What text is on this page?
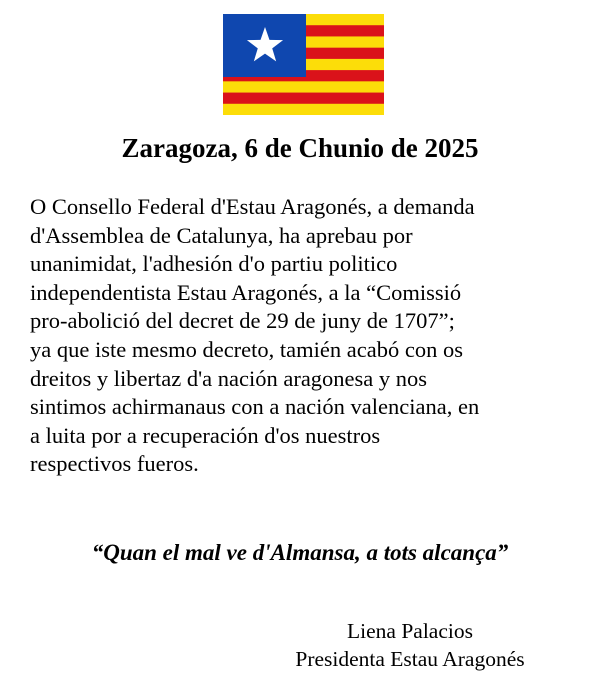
Zaragoza, 6 de Chunio de 2025
O Consello Federal d'Estau Aragonés, a demanda
d'Assemblea de Catalunya, ha aprebau por
unanimidat, l'adhesión d'o partiu politico
independentista Estau Aragonés, a la “Comissió
pro-abolició del decret de 29 de juny de 1707”;
ya que iste mesmo decreto, tamién acabó con os
dreitos y libertaz d'a nación aragonesa y nos
sintimos achirmanaus con a nación valenciana, en
a luita por a recuperación d'os nuestros
respectivos fueros.

“Quan el mal ve d'Almansa, a tots alcança”

Liena Palacios
Presidenta Estau Aragonés
